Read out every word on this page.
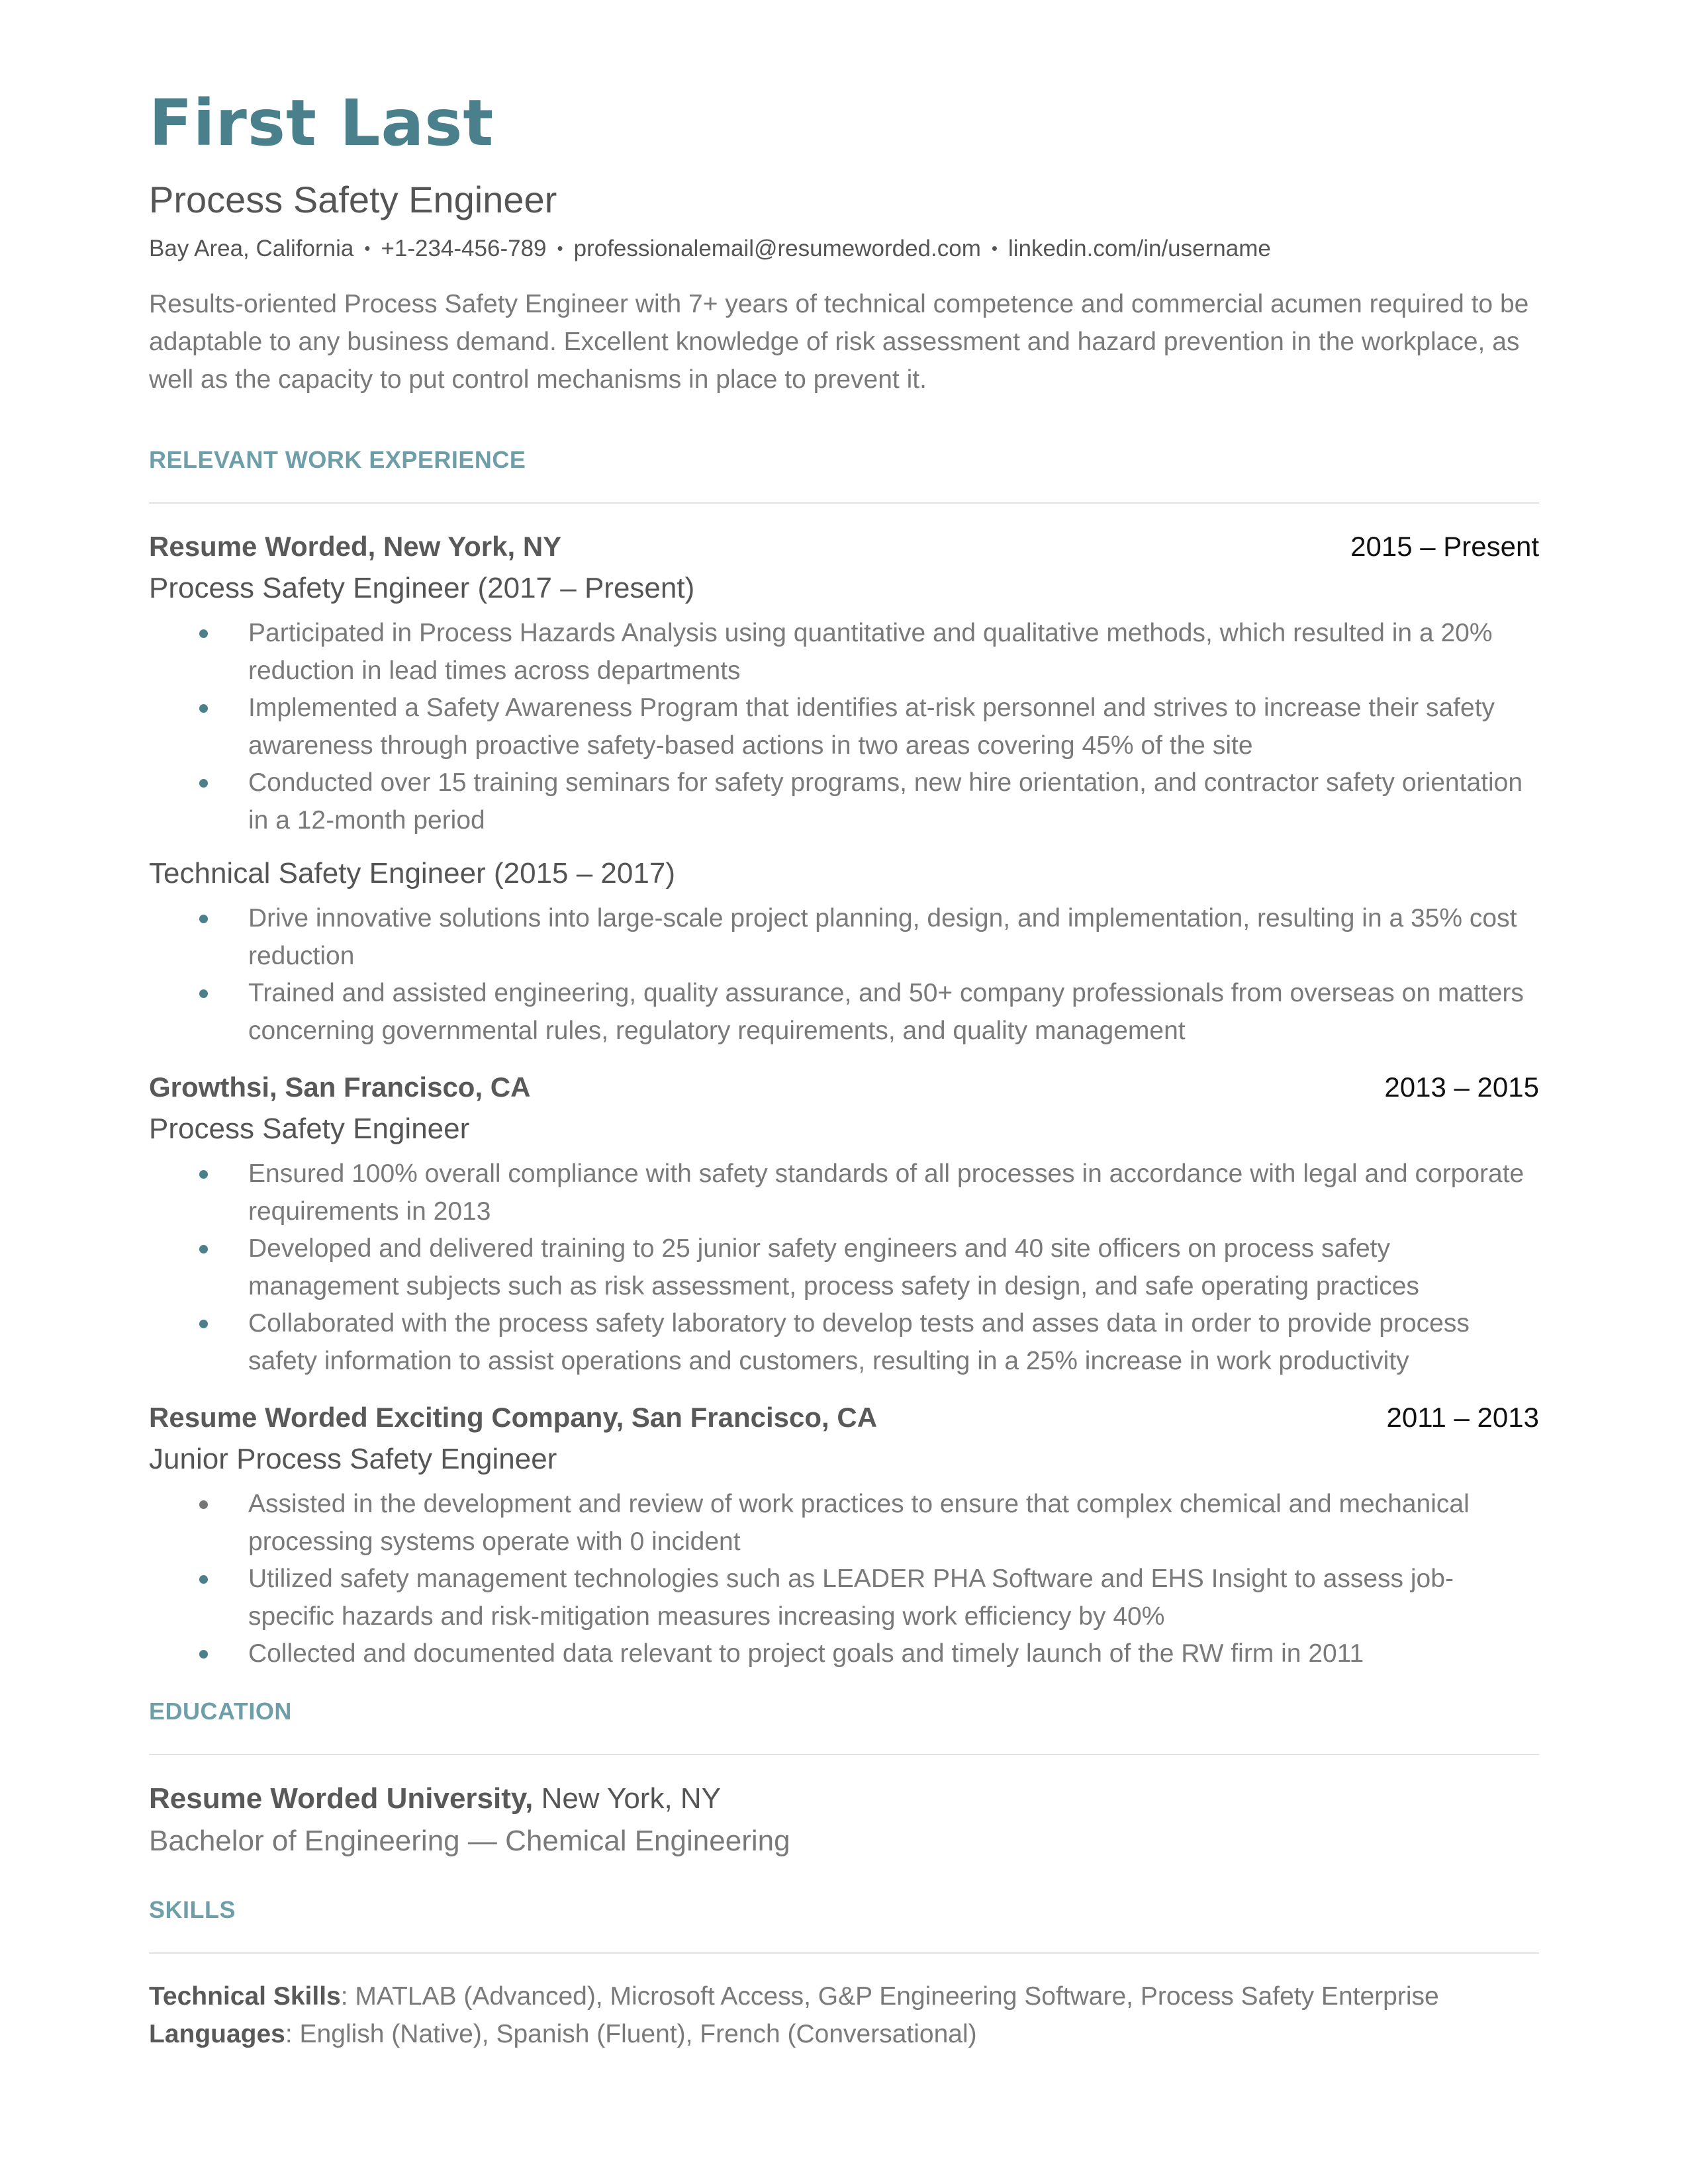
First Last
Process Safety Engineer
Bay Area, California • +1-234-456-789 • professionalemail@resumeworded.com • linkedin.com/in/username
Results-oriented Process Safety Engineer with 7+ years of technical competence and commercial acumen required to be adaptable to any business demand. Excellent knowledge of risk assessment and hazard prevention in the workplace, as well as the capacity to put control mechanisms in place to prevent it.
RELEVANT WORK EXPERIENCE
Resume Worded, New York, NY	2015 – Present
Process Safety Engineer (2017 – Present)
Participated in Process Hazards Analysis using quantitative and qualitative methods, which resulted in a 20% reduction in lead times across departments
Implemented a Safety Awareness Program that identifies at-risk personnel and strives to increase their safety awareness through proactive safety-based actions in two areas covering 45% of the site
Conducted over 15 training seminars for safety programs, new hire orientation, and contractor safety orientation in a 12-month period
Technical Safety Engineer (2015 – 2017)
Drive innovative solutions into large-scale project planning, design, and implementation, resulting in a 35% cost reduction
Trained and assisted engineering, quality assurance, and 50+ company professionals from overseas on matters concerning governmental rules, regulatory requirements, and quality management
Growthsi, San Francisco, CA	2013 – 2015
Process Safety Engineer
Ensured 100% overall compliance with safety standards of all processes in accordance with legal and corporate requirements in 2013
Developed and delivered training to 25 junior safety engineers and 40 site officers on process safety management subjects such as risk assessment, process safety in design, and safe operating practices
Collaborated with the process safety laboratory to develop tests and asses data in order to provide process safety information to assist operations and customers, resulting in a 25% increase in work productivity
Resume Worded Exciting Company, San Francisco, CA	2011 – 2013
Junior Process Safety Engineer
Assisted in the development and review of work practices to ensure that complex chemical and mechanical processing systems operate with 0 incident
Utilized safety management technologies such as LEADER PHA Software and EHS Insight to assess job-specific hazards and risk-mitigation measures increasing work efficiency by 40%
Collected and documented data relevant to project goals and timely launch of the RW firm in 2011
EDUCATION
Resume Worded University, New York, NY
Bachelor of Engineering — Chemical Engineering
SKILLS
Technical Skills: MATLAB (Advanced), Microsoft Access, G&P Engineering Software, Process Safety Enterprise
Languages: English (Native), Spanish (Fluent), French (Conversational)
